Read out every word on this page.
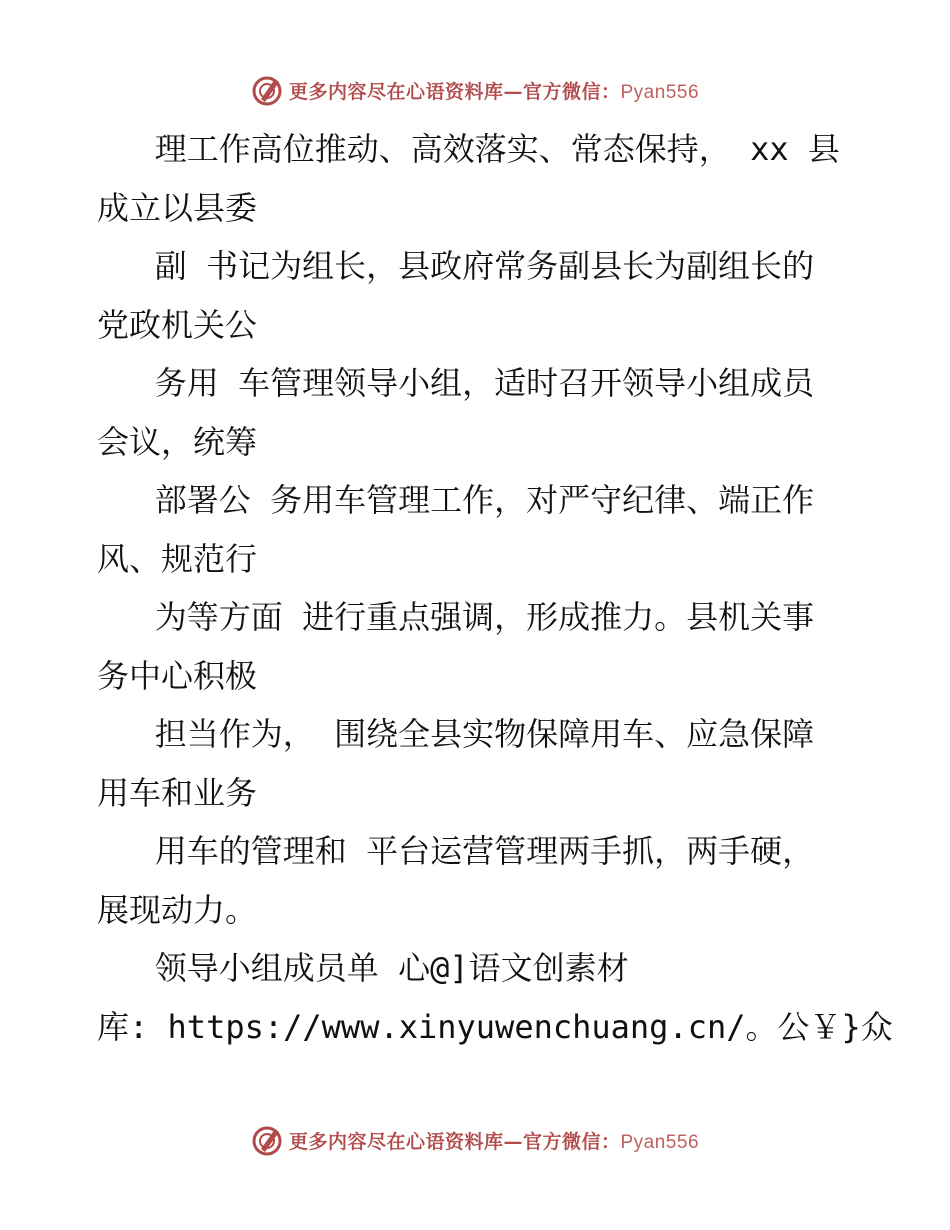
更多内容尽在心语资料库—官方微信：Pyan556
理工作高位推动、高效落实、常态保持， xx 县
成立以县委
副 书记为组长，县政府常务副县长为副组长的
党政机关公
务用 车管理领导小组，适时召开领导小组成员
会议，统筹
部署公 务用车管理工作，对严守纪律、端正作
风、规范行
为等方面 进行重点强调，形成推力。县机关事
务中心积极
担当作为， 围绕全县实物保障用车、应急保障
用车和业务
用车的管理和 平台运营管理两手抓，两手硬，
展现动力。
领导小组成员单 心@]语文创素材
库: https://www.xinyuwenchuang.cn/。公￥}众
更多内容尽在心语资料库—官方微信：Pyan556
